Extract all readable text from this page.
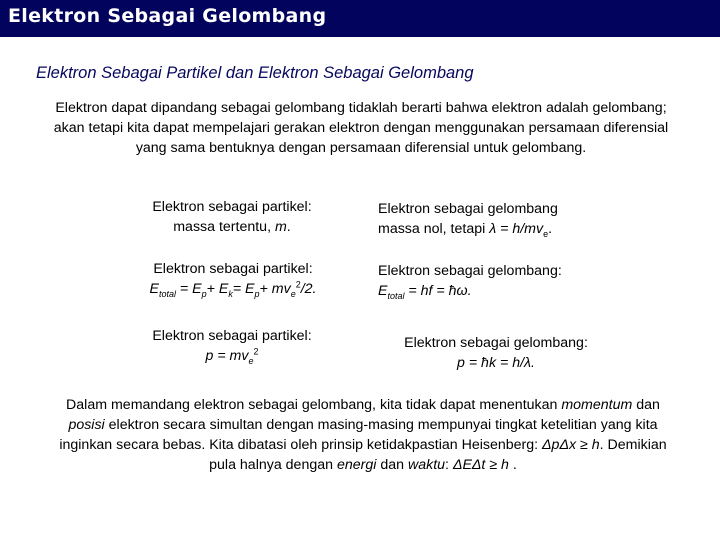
Elektron Sebagai Gelombang
Elektron Sebagai Partikel dan Elektron Sebagai Gelombang
Elektron dapat dipandang sebagai gelombang tidaklah berarti bahwa elektron adalah gelombang; akan tetapi kita dapat mempelajari gerakan elektron dengan menggunakan persamaan diferensial yang sama bentuknya dengan persamaan diferensial untuk gelombang.
Elektron sebagai partikel:
massa tertentu, m.
Elektron sebagai gelombang
massa nol, tetapi $\lambda = h/mv_e$.
Elektron sebagai partikel:
$E_{total} = E_p+ E_k= E_p+ mv_e^2/2$.
Elektron sebagai gelombang:
$E_{total}$ = hf = ħω.
Elektron sebagai partikel:
$p = mv_e^2$
Elektron sebagai gelombang:
p = ħk = h/λ.
Dalam memandang elektron sebagai gelombang, kita tidak dapat menentukan momentum dan posisi elektron secara simultan dengan masing-masing mempunyai tingkat ketelitian yang kita inginkan secara bebas. Kita dibatasi oleh prinsip ketidakpastian Heisenberg: ΔpΔx ≥ h. Demikian pula halnya dengan energi dan waktu: ΔEΔt ≥ h .
